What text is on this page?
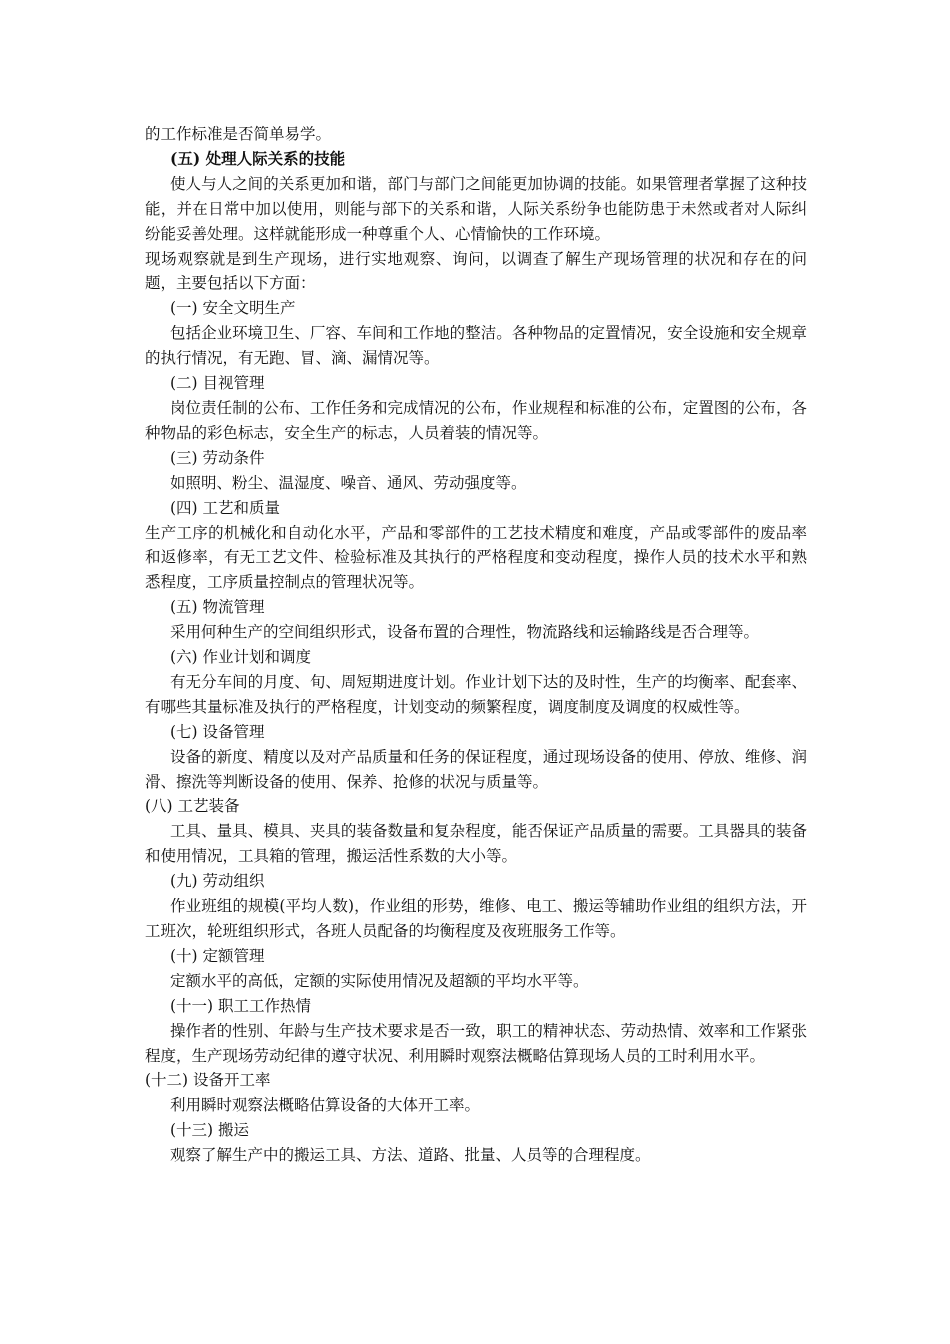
的工作标准是否简单易学。

(五) 处理人际关系的技能

使人与人之间的关系更加和谐，部门与部门之间能更加协调的技能。如果管理者掌握了这种技能，并在日常中加以使用，则能与部下的关系和谐，人际关系纷争也能防患于未然或者对人际纠纷能妥善处理。这样就能形成一种尊重个人、心情愉快的工作环境。

现场观察就是到生产现场，进行实地观察、询问，以调查了解生产现场管理的状况和存在的问题，主要包括以下方面：

(一) 安全文明生产

包括企业环境卫生、厂容、车间和工作地的整洁。各种物品的定置情况，安全设施和安全规章的执行情况，有无跑、冒、滴、漏情况等。

(二) 目视管理

岗位责任制的公布、工作任务和完成情况的公布，作业规程和标准的公布，定置图的公布，各种物品的彩色标志，安全生产的标志，人员着装的情况等。

(三) 劳动条件

如照明、粉尘、温湿度、噪音、通风、劳动强度等。

(四) 工艺和质量

生产工序的机械化和自动化水平，产品和零部件的工艺技术精度和难度，产品或零部件的废品率和返修率，有无工艺文件、检验标准及其执行的严格程度和变动程度，操作人员的技术水平和熟悉程度，工序质量控制点的管理状况等。

(五) 物流管理

采用何种生产的空间组织形式，设备布置的合理性，物流路线和运输路线是否合理等。

(六) 作业计划和调度

有无分车间的月度、旬、周短期进度计划。作业计划下达的及时性，生产的均衡率、配套率、有哪些其量标准及执行的严格程度，计划变动的频繁程度，调度制度及调度的权威性等。

(七) 设备管理

设备的新度、精度以及对产品质量和任务的保证程度，通过现场设备的使用、停放、维修、润滑、擦洗等判断设备的使用、保养、抢修的状况与质量等。

(八) 工艺装备

工具、量具、模具、夹具的装备数量和复杂程度，能否保证产品质量的需要。工具器具的装备和使用情况，工具箱的管理，搬运活性系数的大小等。

(九) 劳动组织

作业班组的规模(平均人数)，作业组的形势，维修、电工、搬运等辅助作业组的组织方法，开工班次，轮班组织形式，各班人员配备的均衡程度及夜班服务工作等。

(十) 定额管理

定额水平的高低，定额的实际使用情况及超额的平均水平等。

(十一) 职工工作热情

操作者的性别、年龄与生产技术要求是否一致，职工的精神状态、劳动热情、效率和工作紧张程度，生产现场劳动纪律的遵守状况、利用瞬时观察法概略估算现场人员的工时利用水平。

(十二) 设备开工率

利用瞬时观察法概略估算设备的大体开工率。

(十三) 搬运

观察了解生产中的搬运工具、方法、道路、批量、人员等的合理程度。
